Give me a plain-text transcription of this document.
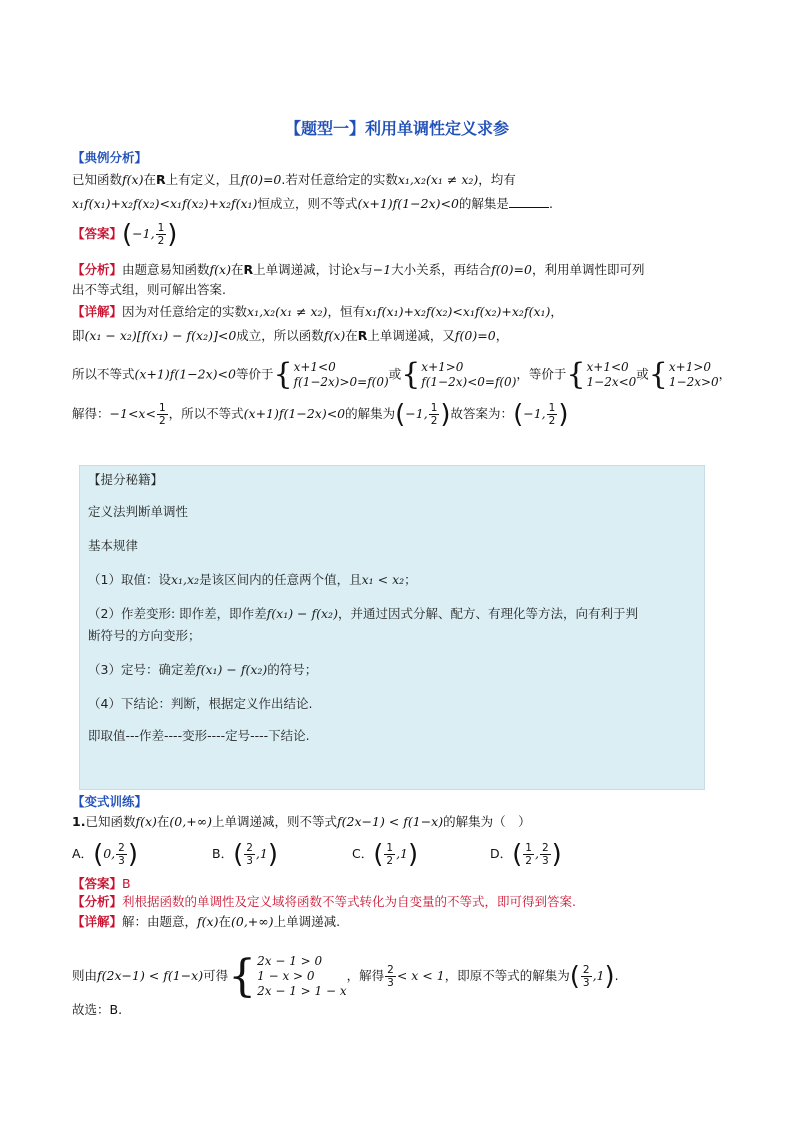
【题型一】利用单调性定义求参
【典例分析】
已知函数f(x)在R上有定义，且f(0)=0.若对任意给定的实数x₁,x₂(x₁ ≠ x₂)，均有
x₁f(x₁)+x₂f(x₂)<x₁f(x₂)+x₂f(x₁)恒成立，则不等式(x+1)f(1−2x)<0的解集是	.
【答案】(−1, $\frac{1}{2}$ )
【分析】由题意易知函数f(x)在R上单调递减，讨论x与−1大小关系，再结合f(0)=0，利用单调性即可列
出不等式组，则可解出答案.
【详解】因为对任意给定的实数x₁,x₂(x₁ ≠ x₂)，恒有x₁f(x₁)+x₂f(x₂)<x₁f(x₂)+x₂f(x₁)，
即(x₁ − x₂)[f(x₁) − f(x₂)]<0成立，所以函数f(x)在R上单调递减，又f(0)=0，
所以不等式(x+1)f(1−2x)<0等价于 { x+1<0
f(1−2x)>0=f(0)
或 { x+1>0
f(1−2x)<0=f(0)
，等价于 { x+1<0
1−2x<0
或 { x+1>0
1−2x>0
，
解得：$-1<x< \frac{1}{2}$ ，所以不等式(x+1)f(1−2x)<0的解集为(−1, $\frac{1}{2}$ )故答案为：(−1, $\frac{1}{2}$ )
【提分秘籍】
定义法判断单调性
基本规律
（1）取值：设x₁,x₂是该区间内的任意两个值，且x₁ < x₂；
（2）作差变形: 即作差，即作差f(x₁) − f(x₂)，并通过因式分解、配方、有理化等方法，向有利于判
断符号的方向变形；
（3）定号：确定差f(x₁) − f(x₂)的符号；
（4）下结论：判断，根据定义作出结论.
即取值---作差----变形----定号----下结论.
【变式训练】
1.已知函数f(x)在(0,+∞)上单调递减，则不等式f(2x−1) < f(1−x)的解集为（　）
A．(0, $\frac{2}{3}$ )	B．( $\frac{2}{3} ,1$)	C．( $\frac{1}{2} ,1$)	D．( $\frac{1}{2}$ , $\frac{2}{3}$ )
【答案】B
【分析】利根据函数的单调性及定义域将函数不等式转化为自变量的不等式，即可得到答案.
【详解】解：由题意，f(x)在(0,+∞)上单调递减.
则由f(2x−1) < f(1−x)可得 { 2x − 1 > 0
1 − x > 0
2x − 1 > 1 − x
，解得 $\frac{2}{3} < x < 1$，即原不等式的解集为( $\frac{2}{3} ,1$).
故选：B.
